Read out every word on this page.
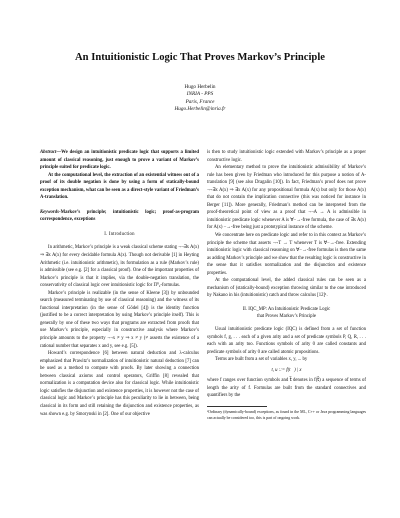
An Intuitionistic Logic That Proves Markov’s Principle
Hugo Herbelin
INRIA - PPS
Paris, France
Hugo.Herbelin@inria.fr

Abstract—We design an intuitionistic predicate logic that supports a limited amount of classical reasoning, just enough to prove a variant of Markov’s principle suited for predicate logic.

At the computational level, the extraction of an existential witness out of a proof of its double negation is done by using a form of statically-bound exception mechanism, what can be seen as a direct-style variant of Friedman’s A-translation.

Keywords-Markov’s principle; intuitionistic logic; proof-as-program correspondence, exceptions

I. Introduction

In arithmetic, Markov’s principle is a weak classical scheme stating ¬¬∃x A(x) ⇒ ∃x A(x) for every decidable formula A(x). Though not derivable [1] in Heyting Arithmetic (i.e. intuitionistic arithmetic), its formulation as a rule (Markov’s rule) is admissible (see e.g. [2] for a classical proof). One of the important properties of Markov’s principle is that it implies, via the double-negation translation, the conservativity of classical logic over intuitionistic logic for Π⁰₂-formulas.

Markov’s principle is realizable (in the sense of Kleene [3]) by unbounded search (measured terminating by use of classical reasoning) and the witness of its functional interpretation (in the sense of Gödel [4]) is the identity function (justified to be a correct interpretation by using Markov’s principle itself). This is generally by one of these two ways that programs are extracted from proofs that use Markov’s principle, especially in constructive analysis where Markov’s principle amounts to the property ¬¬x ≠ y ⇒ x ≠ y (≠ asserts the existence of a rational number that separates x and y, see e.g. [5]).

Howard’s correspondence [6] between natural deduction and λ-calculus emphasized that Prawitz’s normalization of intuitionistic natural deduction [7] can be used as a method to compute with proofs. By later showing a connection between classical axioms and control operators, Griffin [8] revealed that normalization is a computation device also for classical logic. While intuitionistic logic satisfies the disjunction and existence properties, it is however not the case of classical logic and Markov’s principle has this peculiarity to lie in between, being classical in its form and still retaining the disjunction and existence properties, as was shown e.g. by Smorynski in [2]. One of our objective

is then to study intuitionistic logic extended with Markov’s principle as a proper constructive logic.

An elementary method to prove the intuitionistic admissibility of Markov’s rule has been given by Friedman who introduced for this purpose a notion of A-translation [9] (see also Dragalin [10]). In fact, Friedman’s proof does not prove ¬¬∃x A(x) ⇒ ∃x A(x) for any propositional formula A(x) but only for those A(x) that do not contain the implication connective (this was noticed for instance in Berger [11]). More generally, Friedman’s method can be interpreted from the proof-theoretical point of view as a proof that ¬¬A → A is admissible in intuitionistic predicate logic whenever A is ∀−→-free formula, the case of ∃x A(x) for A(x) −→-free being just a prototypical instance of the scheme.

We concentrate here on predicate logic and refer to in this context as Markov’s principle the scheme that asserts ¬¬T → T whenever T is ∀−→-free. Extending intuitionistic logic with classical reasoning on ∀−→-free formulas is then the same as adding Markov’s principle and we show that the resulting logic is constructive in the sense that it satisfies normalization and the disjunction and existence properties.

At the computational level, the added classical rules can be seen as a mechanism of (statically-bound) exception throwing similar to the one introduced by Nakano in his (intuitionistic) catch and throw calculus [12]¹.

II. IQC_MP: An Intuitionistic Predicate Logic
that Proves Markov’s Principle

Usual intuitionistic predicate logic (IQC) is defined from a set of function symbols f, g, . . . each of a given arity and a set of predicate symbols P, Q, R, . . . each with an arity too. Functions symbols of arity 0 are called constants and predicate symbols of arity 0 are called atomic propositions.

Terms are built from a set of variables x, y, ... by

t, u ::= f(t⃗) | x

where f ranges over function symbols and t⃗ denotes in f(t⃗) a sequence of terms of length the arity of f. Formulas are built from the standard connectives and quantifiers by the

¹Ordinary (dynamically-bound) exceptions, as found in the ML, C++ or Java programming languages can actually be considered too, this is part of ongoing work.
